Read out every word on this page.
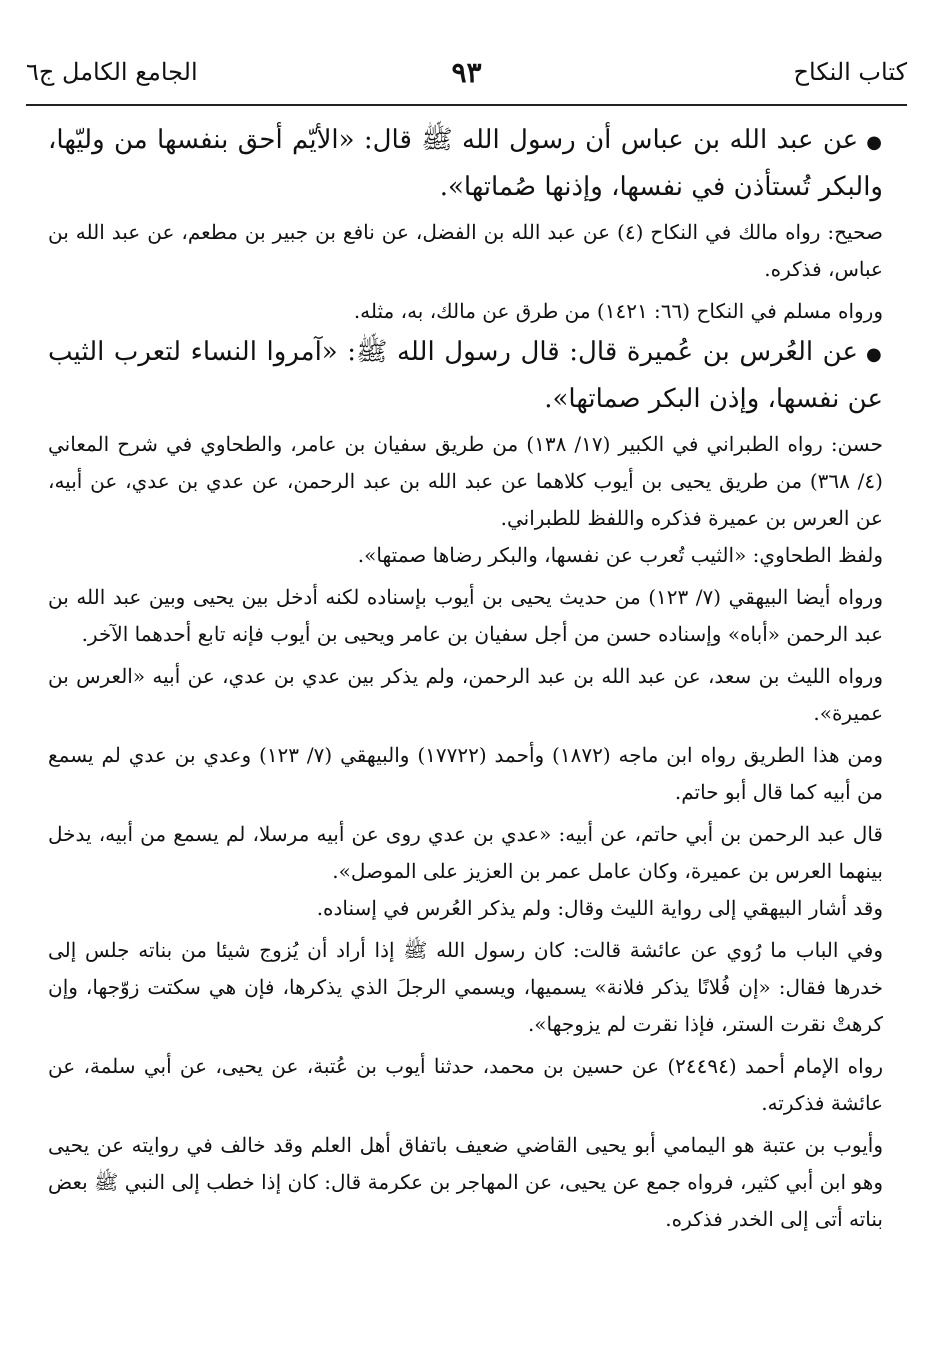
كتاب النكاح
٩٣
الجامع الكامل ج٦

●عن عبد الله بن عباس أن رسول الله ﷺ قال: «الأيّم أحق بنفسها من وليّها، والبكر تُستأذن في نفسها، وإذنها صُماتها».

صحيح: رواه مالك في النكاح (٤) عن عبد الله بن الفضل، عن نافع بن جبير بن مطعم، عن عبد الله بن عباس، فذكره.

ورواه مسلم في النكاح (٦٦: ١٤٢١) من طرق عن مالك، به، مثله.

●عن العُرس بن عُميرة قال: قال رسول الله ﷺ: «آمروا النساء لتعرب الثيب عن نفسها، وإذن البكر صماتها».

حسن: رواه الطبراني في الكبير (١٧/ ١٣٨) من طريق سفيان بن عامر، والطحاوي في شرح المعاني (٤/ ٣٦٨) من طريق يحيى بن أيوب كلاهما عن عبد الله بن عبد الرحمن، عن عدي بن عدي، عن أبيه، عن العرس بن عميرة فذكره واللفظ للطبراني.

ولفظ الطحاوي: «الثيب تُعرب عن نفسها، والبكر رضاها صمتها».

ورواه أيضا البيهقي (٧/ ١٢٣) من حديث يحيى بن أيوب بإسناده لكنه أدخل بين يحيى وبين عبد الله بن عبد الرحمن «أباه» وإسناده حسن من أجل سفيان بن عامر ويحيى بن أيوب فإنه تابع أحدهما الآخر.

ورواه الليث بن سعد، عن عبد الله بن عبد الرحمن، ولم يذكر بين عدي بن عدي، عن أبيه «العرس بن عميرة».

ومن هذا الطريق رواه ابن ماجه (١٨٧٢) وأحمد (١٧٧٢٢) والبيهقي (٧/ ١٢٣) وعدي بن عدي لم يسمع من أبيه كما قال أبو حاتم.

قال عبد الرحمن بن أبي حاتم، عن أبيه: «عدي بن عدي روى عن أبيه مرسلا، لم يسمع من أبيه، يدخل بينهما العرس بن عميرة، وكان عامل عمر بن العزيز على الموصل».

وقد أشار البيهقي إلى رواية الليث وقال: ولم يذكر العُرس في إسناده.

وفي الباب ما رُوي عن عائشة قالت: كان رسول الله ﷺ إذا أراد أن يُزوج شيئا من بناته جلس إلى خدرها فقال: «إن فُلانًا يذكر فلانة» يسميها، ويسمي الرجلَ الذي يذكرها، فإن هي سكتت زوّجها، وإن كرهتْ نقرت الستر، فإذا نقرت لم يزوجها».

رواه الإمام أحمد (٢٤٤٩٤) عن حسين بن محمد، حدثنا أيوب بن عُتبة، عن يحيى، عن أبي سلمة، عن عائشة فذكرته.

وأيوب بن عتبة هو اليمامي أبو يحيى القاضي ضعيف باتفاق أهل العلم وقد خالف في روايته عن يحيى وهو ابن أبي كثير، فرواه جمع عن يحيى، عن المهاجر بن عكرمة قال: كان إذا خطب إلى النبي ﷺ بعض بناته أتى إلى الخدر فذكره.
